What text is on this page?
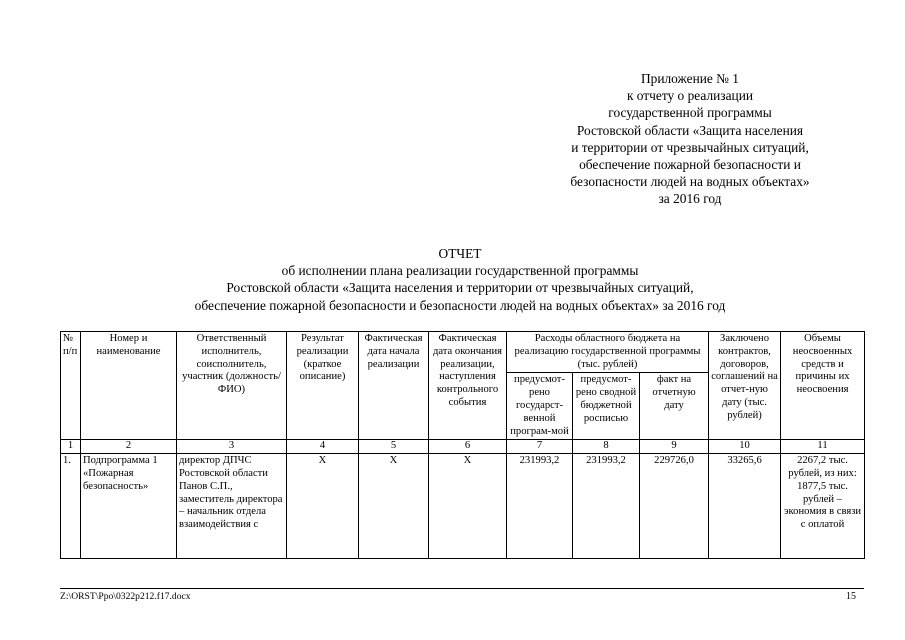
Приложение № 1
к отчету о реализации
государственной программы
Ростовской области «Защита населения
и территории от чрезвычайных ситуаций,
обеспечение пожарной безопасности и
безопасности людей на водных объектах»
за 2016 год
ОТЧЕТ
об исполнении плана реализации государственной программы
Ростовской области «Защита населения и территории от чрезвычайных ситуаций,
обеспечение пожарной безопасности и безопасности людей на водных объектах» за 2016 год
№ п/п	Номер и наименование	Ответственный исполнитель, соисполнитель, участник (должность/ ФИО)	Результат реализации (краткое описание)	Фактическая дата начала реализации	Фактическая дата окончания реализации, наступления контрольного события	Расходы областного бюджета на реализацию государственной программы (тыс. рублей)			Заключено контрактов, договоров, соглашений на отчет-ную дату (тыс. рублей)	Объемы неосвоенных средств и причины их неосвоения
						предусмот-рено государст-венной програм-мой	предусмот-рено сводной бюджетной росписью	факт на отчетную дату		
1	2	3	4	5	6	7	8	9	10	11

1.	Подпрограмма 1 «Пожарная безопасность»	директор ДПЧС Ростовской области Панов С.П., заместитель директора – начальник отдела взаимодействия с	Х	Х	Х	231993,2	231993,2	229726,0	33265,6	2267,2 тыс. рублей, из них: 1877,5 тыс. рублей – экономия в связи с оплатой
Z:\ORST\Ppo\0322p212.f17.docx	15
